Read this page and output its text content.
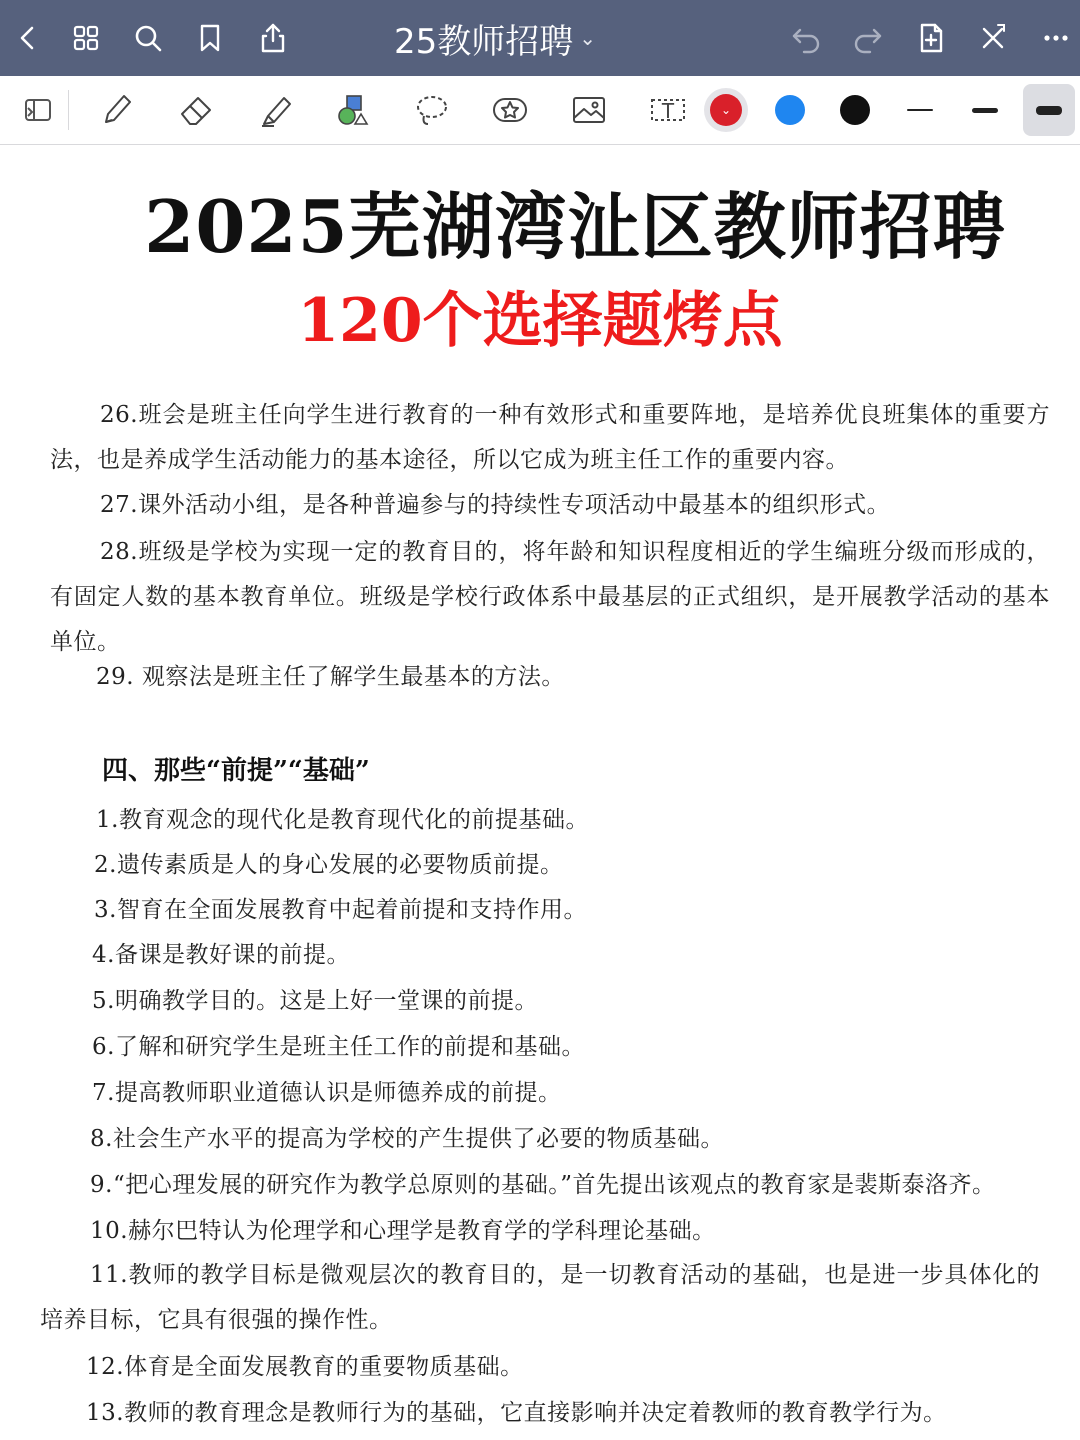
25教师招聘 ⌄
T	⌄
2025芜湖湾沚区教师招聘
120个选择题烤点
26.班会是班主任向学生进行教育的一种有效形式和重要阵地，是培养优良班集体的重要方法，也是养成学生活动能力的基本途径，所以它成为班主任工作的重要内容。
27.课外活动小组，是各种普遍参与的持续性专项活动中最基本的组织形式。
28.班级是学校为实现一定的教育目的，将年龄和知识程度相近的学生编班分级而形成的，有固定人数的基本教育单位。班级是学校行政体系中最基层的正式组织，是开展教学活动的基本单位。
29. 观察法是班主任了解学生最基本的方法。
四、那些“前提”“基础”
1.教育观念的现代化是教育现代化的前提基础。
2.遗传素质是人的身心发展的必要物质前提。
3.智育在全面发展教育中起着前提和支持作用。
4.备课是教好课的前提。
5.明确教学目的。这是上好一堂课的前提。
6.了解和研究学生是班主任工作的前提和基础。
7.提高教师职业道德认识是师德养成的前提。
8.社会生产水平的提高为学校的产生提供了必要的物质基础。
9.“把心理发展的研究作为教学总原则的基础。”首先提出该观点的教育家是裴斯泰洛齐。
10.赫尔巴特认为伦理学和心理学是教育学的学科理论基础。
11.教师的教学目标是微观层次的教育目的，是一切教育活动的基础，也是进一步具体化的培养目标，它具有很强的操作性。
12.体育是全面发展教育的重要物质基础。
13.教师的教育理念是教师行为的基础，它直接影响并决定着教师的教育教学行为。
